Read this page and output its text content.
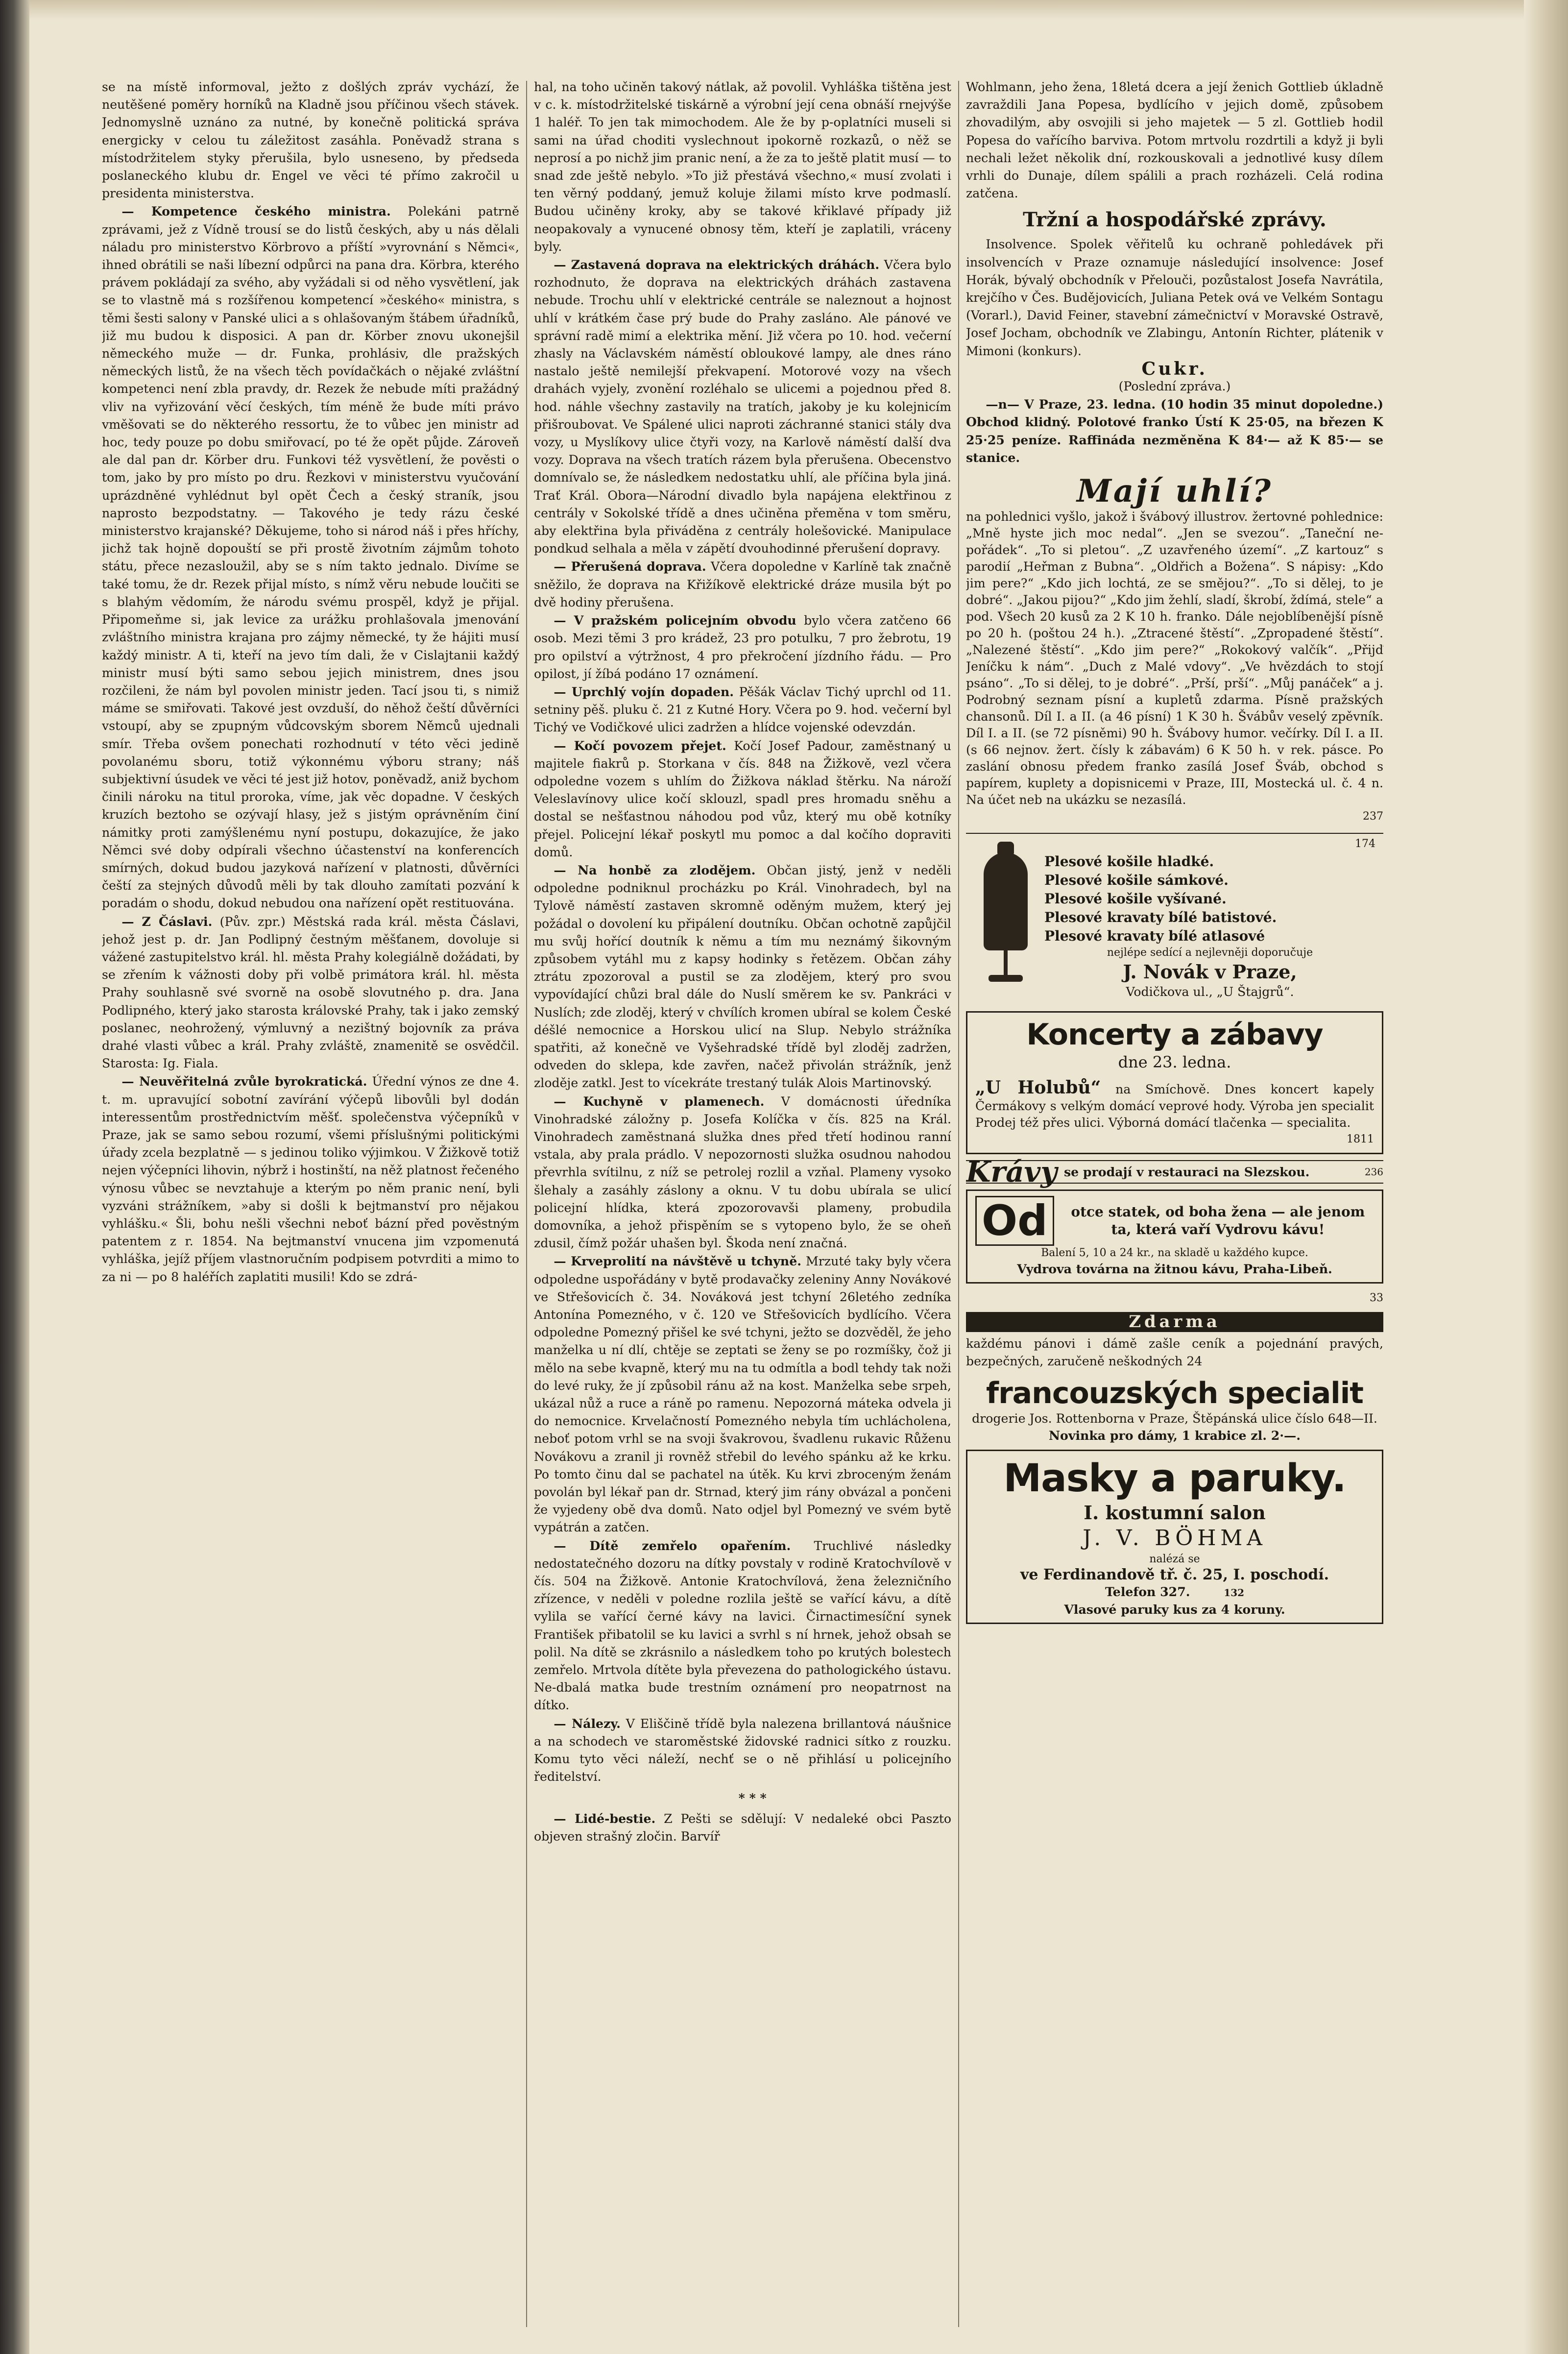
se na místě informoval, ježto z došlých zpráv vychází, že neutěšené poměry horníků na Kladně jsou příčinou všech stávek. Jednomyslně uznáno za nutné, by konečně politická správa energicky v celou tu záležitost zasáhla. Poněvadž strana s místodržitelem styky přerušila, bylo usneseno, by předseda poslaneckého klubu dr. Engel ve věci té přímo zakročil u presidenta ministerstva.

— Kompetence českého ministra. Polekáni patrně zprávami, jež z Vídně trousí se do listů českých, aby u nás dělali náladu pro ministerstvo Körbrovo a příští »vyrovnání s Němci«, ihned obrátili se naši líbezní odpůrci na pana dra. Körbra, kterého právem pokládají za svého, aby vyžádali si od něho vysvětlení, jak se to vlastně má s rozšířenou kompetencí »českého« ministra, s těmi šesti salony v Panské ulici a s ohlašovaným štábem úřadníků, již mu budou k disposici. A pan dr. Körber znovu ukonejšil německého muže — dr. Funka, prohlásiv, dle pražských německých listů, že na všech těch povídačkách o nějaké zvláštní kompetenci není zbla pravdy, dr. Rezek že nebude míti pražádný vliv na vyřizování věcí českých, tím méně že bude míti právo vměšovati se do některého ressortu, že to vůbec jen ministr ad hoc, tedy pouze po dobu smiřovací, po té že opět půjde. Zároveň ale dal pan dr. Körber dru. Funkovi též vysvětlení, že pověsti o tom, jako by pro místo po dru. Řezkovi v ministerstvu vyučování uprázdněné vyhlédnut byl opět Čech a český straník, jsou naprosto bezpodstatny. — Takového je tedy rázu české ministerstvo krajanské? Děkujeme, toho si národ náš i přes hříchy, jichž tak hojně dopouští se při prostě životním zájmům tohoto státu, přece nezasloužil, aby se s ním takto jednalo. Divíme se také tomu, že dr. Rezek přijal místo, s nímž věru nebude loučiti se s blahým vědomím, že národu svému prospěl, když je přijal. Připomeňme si, jak levice za urážku prohlašovala jmenování zvláštního ministra krajana pro zájmy německé, ty že hájiti musí každý ministr. A ti, kteří na jevo tím dali, že v Cislajtanii každý ministr musí býti samo sebou jejich ministrem, dnes jsou rozčileni, že nám byl povolen ministr jeden. Tací jsou ti, s nimiž máme se smiřovati. Takové jest ovzduší, do něhož čeští důvěrníci vstoupí, aby se zpupným vůdcovským sborem Němců ujednali smír. Třeba ovšem ponechati rozhodnutí v této věci jedině povolanému sboru, totiž výkonnému výboru strany; náš subjektivní úsudek ve věci té jest již hotov, poněvadž, aniž bychom činili nároku na titul proroka, víme, jak věc dopadne. V českých kruzích beztoho se ozývají hlasy, jež s jistým oprávněním činí námitky proti zamýšlenému nyní postupu, dokazujíce, že jako Němci své doby odpírali všechno účastenství na konferencích smírných, dokud budou jazyková nařízení v platnosti, důvěrníci čeští za stejných důvodů měli by tak dlouho zamítati pozvání k poradám o shodu, dokud nebudou ona nařízení opět restituována.

— Z Čáslavi. (Pův. zpr.) Městská rada král. města Čáslavi, jehož jest p. dr. Jan Podlipný čestným měšťanem, dovoluje si vážené zastupitelstvo král. hl. města Prahy kolegiálně dožádati, by se zřením k vážnosti doby při volbě primátora král. hl. města Prahy souhlasně své svorně na osobě slovutného p. dra. Jana Podlipného, který jako starosta královské Prahy, tak i jako zemský poslanec, neohrožený, výmluvný a nezištný bojovník za práva drahé vlasti vůbec a král. Prahy zvláště, znamenitě se osvědčil. Starosta: Ig. Fiala.

— Neuvěřitelná zvůle byrokratická. Úřední výnos ze dne 4. t. m. upravující sobotní zavírání výčepů libovůli byl dodán interessentům prostřednictvím měšť. společenstva výčepníků v Praze, jak se samo sebou rozumí, všemi příslušnými politickými úřady zcela bezplatně — s jedinou toliko výjimkou. V Žižkově totiž nejen výčepníci lihovin, nýbrž i hostinští, na něž platnost řečeného výnosu vůbec se nevztahuje a kterým po něm pranic není, byli vyzváni strážníkem, »aby si došli k bejtmanství pro nějakou vyhlášku.« Šli, bohu nešli všechni neboť bázní před pověstným patentem z r. 1854. Na bejtmanství vnucena jim vzpomenutá vyhláška, jejíž příjem vlastnoručním podpisem potvrditi a mimo to za ni — po 8 haléřích zaplatiti musili! Kdo se zdrá-

hal, na toho učiněn takový nátlak, až povolil. Vyhláška tištěna jest v c. k. místodržitelské tiskárně a výrobní její cena obnáší rnejvýše 1 haléř. To jen tak mimochodem. Ale že by p-oplatníci museli si sami na úřad choditi vyslechnout ipokorně rozkazů, o něž se neprosí a po nichž jim pranic není, a že za to ještě platit musí — to snad zde ještě nebylo. »To již přestává všechno,« musí zvolati i ten věrný poddaný, jemuž koluje žilami místo krve podmaslí. Budou učiněny kroky, aby se takové křiklavé případy již neopakovaly a vynucené obnosy těm, kteří je zaplatili, vráceny byly.

— Zastavená doprava na elektrických dráhách. Včera bylo rozhodnuto, že doprava na elektrických dráhách zastavena nebude. Trochu uhlí v elektrické centrále se naleznout a hojnost uhlí v krátkém čase prý bude do Prahy zasláno. Ale pánové ve správní radě mimí a elektrika mění. Již včera po 10. hod. večerní zhasly na Václavském náměstí obloukové lampy, ale dnes ráno nastalo ještě nemilejší překvapení. Motorové vozy na všech drahách vyjely, zvonění rozléhalo se ulicemi a pojednou před 8. hod. náhle všechny zastavily na tratích, jakoby je ku kolejnicím přišroubovat. Ve Spálené ulici naproti záchranné stanici stály dva vozy, u Myslíkovy ulice čtyři vozy, na Karlově náměstí další dva vozy. Doprava na všech tratích rázem byla přerušena. Obecenstvo domnívalo se, že následkem nedostatku uhlí, ale příčina byla jiná. Trať Král. Obora—Národní divadlo byla napájena elektřinou z centrály v Sokolské třídě a dnes učiněna přeměna v tom směru, aby elektřina byla přiváděna z centrály holešovické. Manipulace pondkud selhala a měla v zápětí dvouhodinné přerušení dopravy.

— Přerušená doprava. Včera dopoledne v Karlíně tak značně sněžilo, že doprava na Křižíkově elektrické dráze musila být po dvě hodiny přerušena.

— V pražském policejním obvodu bylo včera zatčeno 66 osob. Mezi těmi 3 pro krádež, 23 pro potulku, 7 pro žebrotu, 19 pro opilství a výtržnost, 4 pro překročení jízdního řádu. — Pro opilost, jí žíbá podáno 17 oznámení.

— Uprchlý vojín dopaden. Pěšák Václav Tichý uprchl od 11. setniny pěš. pluku č. 21 z Kutné Hory. Včera po 9. hod. večerní byl Tichý ve Vodičkové ulici zadržen a hlídce vojenské odevzdán.

— Kočí povozem přejet. Kočí Josef Padour, zaměstnaný u majitele fiakrů p. Storkana v čís. 848 na Žižkově, vezl včera odpoledne vozem s uhlím do Žižkova náklad štěrku. Na nároží Veleslavínovy ulice kočí sklouzl, spadl pres hromadu sněhu a dostal se nešťastnou náhodou pod vůz, který mu obě kotníky přejel. Policejní lékař poskytl mu pomoc a dal kočího dopraviti domů.

— Na honbě za zlodějem. Občan jistý, jenž v neděli odpoledne podniknul procházku po Král. Vinohradech, byl na Tylově náměstí zastaven skromně oděným mužem, který jej požádal o dovolení ku připálení doutníku. Občan ochotně zapůjčil mu svůj hořící doutník k němu a tím mu neznámý šikovným způsobem vytáhl mu z kapsy hodinky s řetězem. Občan záhy ztrátu zpozoroval a pustil se za zlodějem, který pro svou vypovídající chůzi bral dále do Nuslí směrem ke sv. Pankráci v Nuslích; zde zloděj, který v chvílích kromen ubíral se kolem České déšlé nemocnice a Horskou ulicí na Slup. Nebylo strážníka spatřiti, až konečně ve Vyšehradské třídě byl zloděj zadržen, odveden do sklepa, kde zavřen, načež přivolán strážník, jenž zloděje zatkl. Jest to vícekráte trestaný tulák Alois Martinovský.

— Kuchyně v plamenech. V domácnosti úředníka Vinohradské záložny p. Josefa Kolíčka v čís. 825 na Král. Vinohradech zaměstnaná služka dnes před třetí hodinou ranní vstala, aby prala prádlo. V nepozornosti služka osudnou nahodou převrhla svítilnu, z níž se petrolej rozlil a vzňal. Plameny vysoko šlehaly a zasáhly záslony a oknu. V tu dobu ubírala se ulicí policejní hlídka, která zpozorovavši plameny, probudila domovníka, a jehož přispěním se s vytopeno bylo, že se oheň zdusil, čímž požár uhašen byl. Škoda není značná.

— Krveprolití na návštěvě u tchyně. Mrzuté taky byly včera odpoledne uspořádány v bytě prodavačky zeleniny Anny Novákové ve Střešovicích č. 34. Nováková jest tchyní 26letého zedníka Antonína Pomezného, v č. 120 ve Střešovicích bydlícího. Včera odpoledne Pomezný přišel ke své tchyni, ježto se dozvěděl, že jeho manželka u ní dlí, chtěje se zeptati se ženy se po rozmíšky, čož ji mělo na sebe kvapně, který mu na tu odmítla a bodl tehdy tak noži do levé ruky, že jí způsobil ránu až na kost. Manželka sebe srpeh, ukázal nůž a ruce a ráně po ramenu. Nepozorná máteka odvela ji do nemocnice. Krvelačností Pomezného nebyla tím uchlácholena, neboť potom vrhl se na svoji švakrovou, švadlenu rukavic Růženu Novákovu a zranil ji rovněž střebil do levého spánku až ke krku. Po tomto činu dal se pachatel na útěk. Ku krvi zbroceným ženám povolán byl lékař pan dr. Strnad, který jim rány obvázal a pončeni že vyjedeny obě dva domů. Nato odjel byl Pomezný ve svém bytě vypátrán a zatčen.

— Dítě zemřelo opařením. Truchlivé následky nedostatečného dozoru na dítky povstaly v rodině Kratochvílově v čís. 504 na Žižkově. Antonie Kratochvílová, žena železničního zřízence, v neděli v poledne rozlila ještě se vařící kávu, a dítě vylila se vařící černé kávy na lavici. Čirnactimesíční synek František přibatolil se ku lavici a svrhl s ní hrnek, jehož obsah se polil. Na dítě se zkrásnilo a následkem toho po krutých bolestech zemřelo. Mrtvola dítěte byla převezena do pathologického ústavu. Ne-dbalá matka bude trestním oznámení pro neopatrnost na dítko.

— Nálezy. V Eliščině třídě byla nalezena brillantová náušnice a na schodech ve staroměstské židovské radnici sítko z rouzku. Komu tyto věci náleží, nechť se o ně přihlásí u policejního ředitelství.

* * *

— Lidé-bestie. Z Pešti se sdělují: V nedaleké obci Paszto objeven strašný zločin. Barvíř

Wohlmann, jeho žena, 18letá dcera a její ženich Gottlieb úkladně zavraždili Jana Popesa, bydlícího v jejich domě, způsobem zhovadilým, aby osvojili si jeho majetek — 5 zl. Gottlieb hodil Popesa do vařícího barviva. Potom mrtvolu rozdrtili a když ji byli nechali ležet několik dní, rozkouskovali a jednotlivé kusy dílem vrhli do Dunaje, dílem spálili a prach rozházeli. Celá rodina zatčena.

Tržní a hospodářské zprávy.

Insolvence. Spolek věřitelů ku ochraně pohledávek při insolvencích v Praze oznamuje následující insolvence: Josef Horák, bývalý obchodník v Přelouči, pozůstalost Josefa Navrátila, krejčího v Čes. Budějovicích, Juliana Petek ová ve Velkém Sontagu (Vorarl.), David Feiner, stavební zámečnictví v Moravské Ostravě, Josef Jocham, obchodník ve Zlabingu, Antonín Richter, plátenik v Mimoni (konkurs).

Cukr.

(Poslední zpráva.)

—n— V Praze, 23. ledna. (10 hodin 35 minut dopoledne.) Obchod klidný. Polotové franko Ústí K 25·05, na březen K 25·25 peníze. Raffináda nezměněna K 84·— až K 85·— se stanice.

Mají uhlí?

na pohlednici vyšlo, jakož i švábový illustrov. žertovné pohlednice: „Mně hyste jich moc nedal“. „Jen se svezou“. „Taneční ne-pořádek“. „To si pletou“. „Z uzavřeného území“. „Z kartouz“ s parodií „Heřman z Bubna“. „Oldřich a Božena“. S nápisy: „Kdo jim pere?“ „Kdo jich lochtá, ze se smějou?“. „To si dělej, to je dobré“. „Jakou pijou?“ „Kdo jim žehlí, sladí, škrobí, ždímá, stele“ a pod. Všech 20 kusů za 2 K 10 h. franko. Dále nejoblíbenější písně po 20 h. (poštou 24 h.). „Ztracené štěstí“. „Zpropadené štěstí“. „Nalezené štěstí“. „Kdo jim pere?“ „Rokokový valčík“. „Přijď Jeníčku k nám“. „Duch z Malé vdovy“. „Ve hvězdách to stojí psáno“. „To si dělej, to je dobré“. „Prší, prší“. „Můj panáček“ a j. Podrobný seznam písní a kupletů zdarma. Písně pražských chansonů. Díl I. a II. (a 46 písní) 1 K 30 h. Švábův veselý zpěvník. Díl I. a II. (se 72 písněmi) 90 h. Švábovy humor. večírky. Díl I. a II. (s 66 nejnov. žert. čísly k zábavám) 6 K 50 h. v rek. pásce. Po zaslání obnosu předem franko zasílá Josef Šváb, obchod s papírem, kuplety a dopisnicemi v Praze, III, Mostecká ul. č. 4 n. Na účet neb na ukázku se nezasílá.

237

174

Plesové košile hladké.

Plesové košile sámkové.

Plesové košile vyšívané.

Plesové kravaty bílé batistové.

Plesové kravaty bílé atlasové

nejlépe sedící a nejlevněji doporučuje

J. Novák v Praze,

Vodičkova ul., „U Štajgrů“.

Koncerty a zábavy

dne 23. ledna.

„U Holubů“ na Smíchově. Dnes koncert kapely Čermákovy s velkým domácí veprové hody. Výroba jen specialit Prodej též přes ulici. Výborná domácí tlačenka — specialita.

1811

Krávy se prodají v restauraci na Slezskou.	236
Od	otce statek, od boha žena — ale jenom ta, která vaří Vydrovu kávu!

Balení 5, 10 a 24 kr., na skladě u každého kupce.

Vydrova továrna na žitnou kávu, Praha-Libeň.

33

Zdarma

každému pánovi i dámě zašle ceník a pojednání pravých, bezpečných, zaručeně neškodných 24

francouzských specialit

drogerie Jos. Rottenborna v Praze, Štěpánská ulice číslo 648—II.

Novinka pro dámy, 1 krabice zl. 2·—.

Masky a paruky.

I. kostumní salon

J. V. BÖHMA

nalézá se

ve Ferdinandově tř. č. 25, I. poschodí.

Telefon 327.	132

Vlasové paruky kus za 4 koruny.
